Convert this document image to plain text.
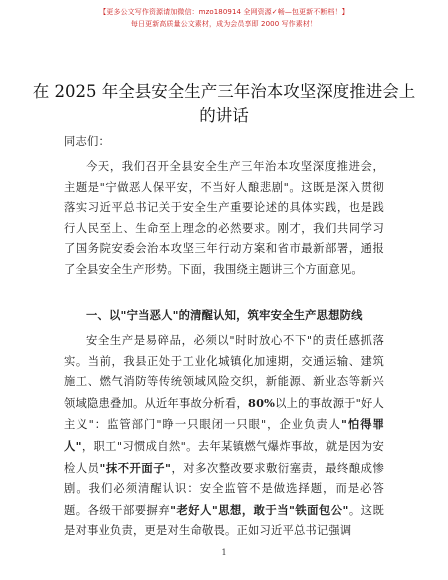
【更多公文写作资源请加微信：mzo180914 全网资源✓畅—包更新不断档！】
每日更新高质量公文素材，成为会员享即 2000 写作素材！
在 2025 年全县安全生产三年治本攻坚深度推进会上的讲话
同志们：
今天，我们召开全县安全生产三年治本攻坚深度推进会，主题是"宁做恶人保平安，不当好人酿悲剧"。这既是深入贯彻落实习近平总书记关于安全生产重要论述的具体实践，也是践行人民至上、生命至上理念的必然要求。刚才，我们共同学习了国务院安委会治本攻坚三年行动方案和省市最新部署，通报了全县安全生产形势。下面，我围绕主题讲三个方面意见。
一、以"宁当恶人"的清醒认知，筑牢安全生产思想防线
安全生产是易碎品，必须以"时时放心不下"的责任感抓落实。当前，我县正处于工业化城镇化加速期，交通运输、建筑施工、燃气消防等传统领域风险交织，新能源、新业态等新兴领域隐患叠加。从近年事故分析看，80%以上的事故源于"好人主义"：监管部门"睁一只眼闭一只眼"，企业负责人"怕得罪人"，职工"习惯成自然"。去年某镇燃气爆炸事故，就是因为安检人员"抹不开面子"，对多次整改要求敷衍塞责，最终酿成惨剧。我们必须清醒认识：安全监管不是做选择题，而是必答题。各级干部要摒弃"老好人"思想，敢于当"铁面包公"。这既是对事业负责，更是对生命敬畏。正如习近平总书记强调
1
